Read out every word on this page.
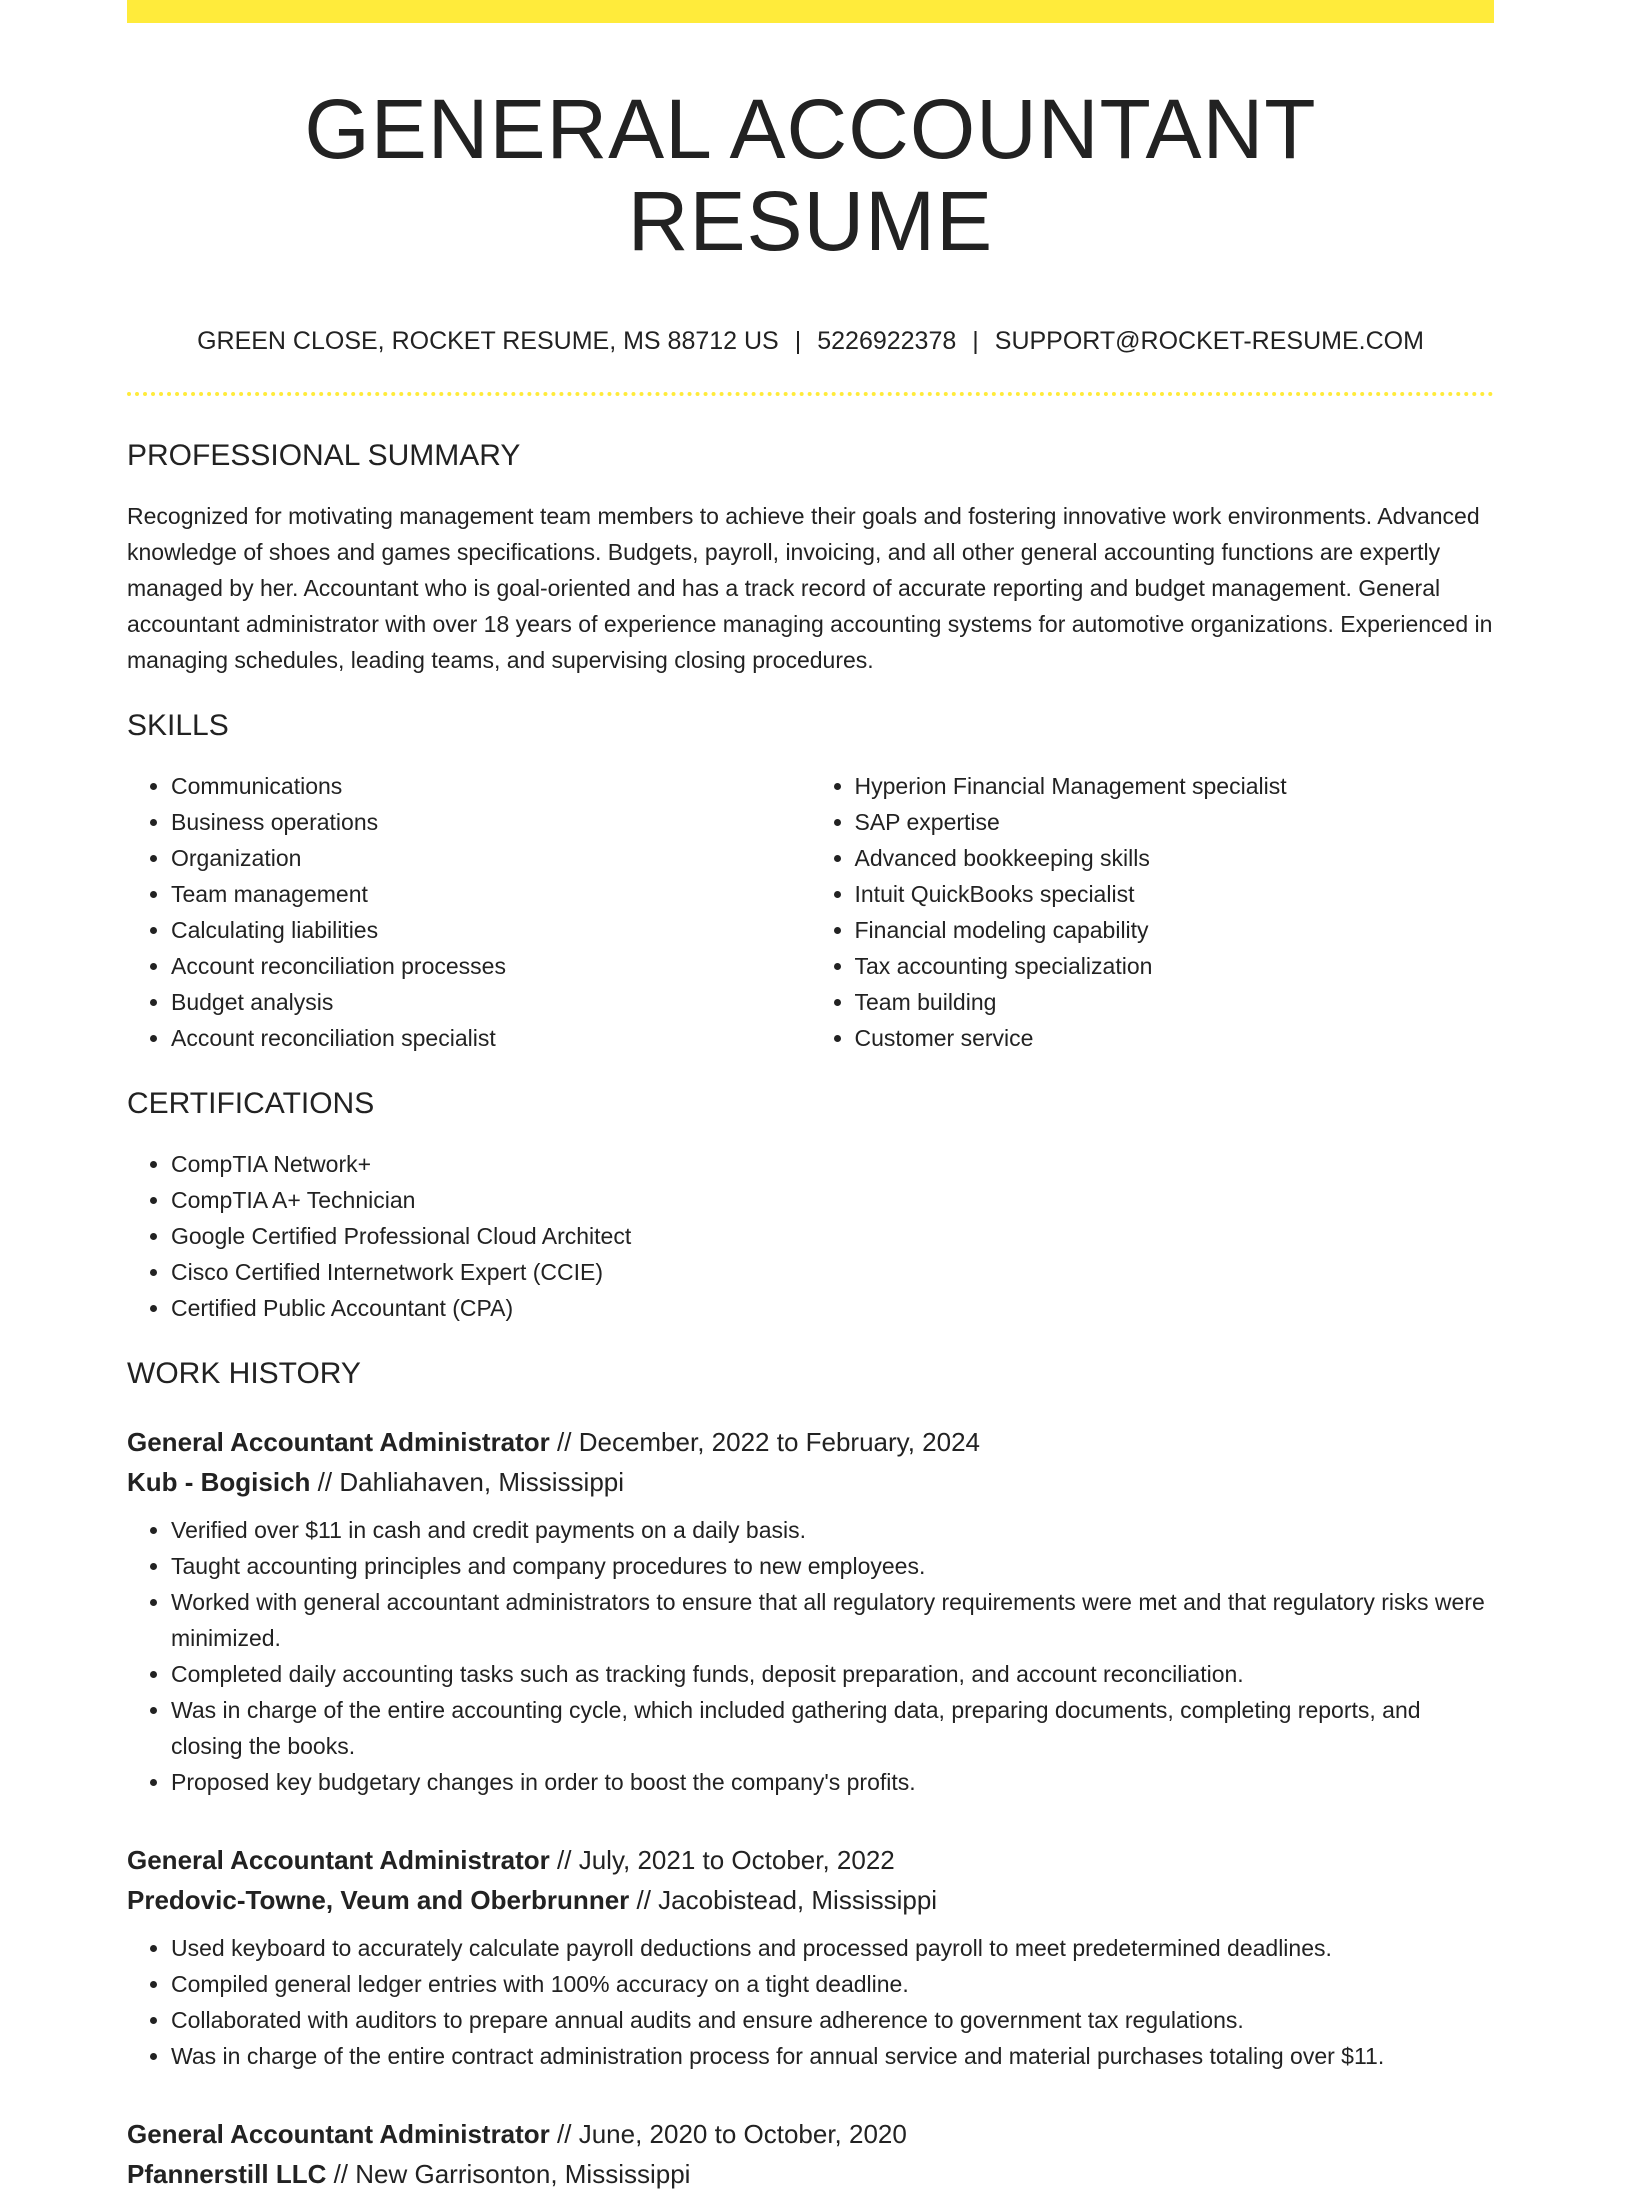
GENERAL ACCOUNTANT RESUME
GREEN CLOSE, ROCKET RESUME, MS 88712 US | 5226922378 | SUPPORT@ROCKET-RESUME.COM
PROFESSIONAL SUMMARY

Recognized for motivating management team members to achieve their goals and fostering innovative work environments. Advanced knowledge of shoes and games specifications. Budgets, payroll, invoicing, and all other general accounting functions are expertly managed by her. Accountant who is goal-oriented and has a track record of accurate reporting and budget management. General accountant administrator with over 18 years of experience managing accounting systems for automotive organizations. Experienced in managing schedules, leading teams, and supervising closing procedures.

SKILLS
• Communications
• Business operations
• Organization
• Team management
• Calculating liabilities
• Account reconciliation processes
• Budget analysis
• Account reconciliation specialist
• Hyperion Financial Management specialist
• SAP expertise
• Advanced bookkeeping skills
• Intuit QuickBooks specialist
• Financial modeling capability
• Tax accounting specialization
• Team building
• Customer service
CERTIFICATIONS
• CompTIA Network+
• CompTIA A+ Technician
• Google Certified Professional Cloud Architect
• Cisco Certified Internetwork Expert (CCIE)
• Certified Public Accountant (CPA)
WORK HISTORY
General Accountant Administrator // December, 2022 to February, 2024
Kub - Bogisich // Dahliahaven, Mississippi
• Verified over $11 in cash and credit payments on a daily basis.
• Taught accounting principles and company procedures to new employees.
• Worked with general accountant administrators to ensure that all regulatory requirements were met and that regulatory risks were minimized.
• Completed daily accounting tasks such as tracking funds, deposit preparation, and account reconciliation.
• Was in charge of the entire accounting cycle, which included gathering data, preparing documents, completing reports, and closing the books.
• Proposed key budgetary changes in order to boost the company's profits.
General Accountant Administrator // July, 2021 to October, 2022
Predovic-Towne, Veum and Oberbrunner // Jacobistead, Mississippi
• Used keyboard to accurately calculate payroll deductions and processed payroll to meet predetermined deadlines.
• Compiled general ledger entries with 100% accuracy on a tight deadline.
• Collaborated with auditors to prepare annual audits and ensure adherence to government tax regulations.
• Was in charge of the entire contract administration process for annual service and material purchases totaling over $11.
General Accountant Administrator // June, 2020 to October, 2020
Pfannerstill LLC // New Garrisonton, Mississippi
